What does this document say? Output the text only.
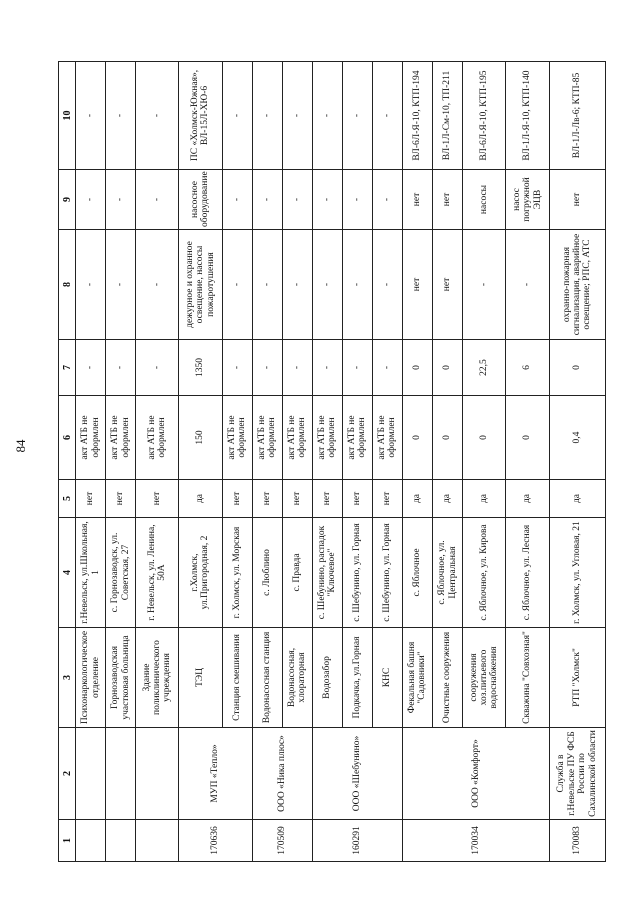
84
1	2	3	4	5	6	7	8	9	10
		Психонаркологическое отделение	г.Невельск, ул.Школьная, 1	нет	акт АТБ не оформлен	-	-	-	-
		Горнозаводская участковая больница	с. Горнозаводск, ул. Советская, 27	нет	акт АТБ не оформлен	-	-	-	-
		Здание поликлинического учреждения	г. Невельск, ул. Ленина, 50А	нет	акт АТБ не оформлен	-	-	-	-
170636	МУП «Тепло»	ТЭЦ	г.Холмск, ул.Пригородная, 2	да	150	1350	дежурное и охранное освещение, насосы пожаротушения	насосное оборудование	ПС «Холмск-Южная», ВЛ-15Л-ХЮ-6
		Станция смешивания	г. Холмск, ул. Морская	нет	акт АТБ не оформлен	-	-	-	-
170509	ООО «Ника плюс»	Водонасосная станция	с. Люблино	нет	акт АТБ не оформлен	-	-	-	-
		Водонасосная, хлораторная	с. Правда	нет	акт АТБ не оформлен	-	-	-	-
160291	ООО «Шебунино»	Водозабор	с. Шебунино, распадок "Ключевое"	нет	акт АТБ не оформлен	-	-	-	-
		Подкачка, ул.Горная	с. Шебунино, ул. Горная	нет	акт АТБ не оформлен	-	-	-	-
		КНС	с. Шебунино, ул. Горная	нет	акт АТБ не оформлен	-	-	-	-
170034	ООО «Комфорт»	Фекальная башня "Садовники"	с. Яблочное	да	0	0	нет	нет	ВЛ-6Л-Я-10, КТП-194
		Очистные сооружения	с. Яблочное, ул. Центральная	да	0	0	нет	нет	ВЛ-1Л-См-10, ТП-211
		сооружения хоз.питьевого водоснабжения	с. Яблочное, ул. Кирова	да	0	22,5	-	насосы	ВЛ-6Л-Я-10, КТП-195
		Скважина "Совхозная"	с. Яблочное, ул. Лесная	да	0	6	-	насос погружной ЭЦВ	ВЛ-1Л-Я-10, КТП-140
170083	Служба в г.Невельске ПУ ФСБ России по Сахалинской области	РТП "Холмск"	г. Холмск, ул. Угловая, 21	да	0,4	0	охранно-пожарная сигнализация, аварийное освещение; РПС, АТС	нет	ВЛ-1Л-Лв-6; КТП-85
